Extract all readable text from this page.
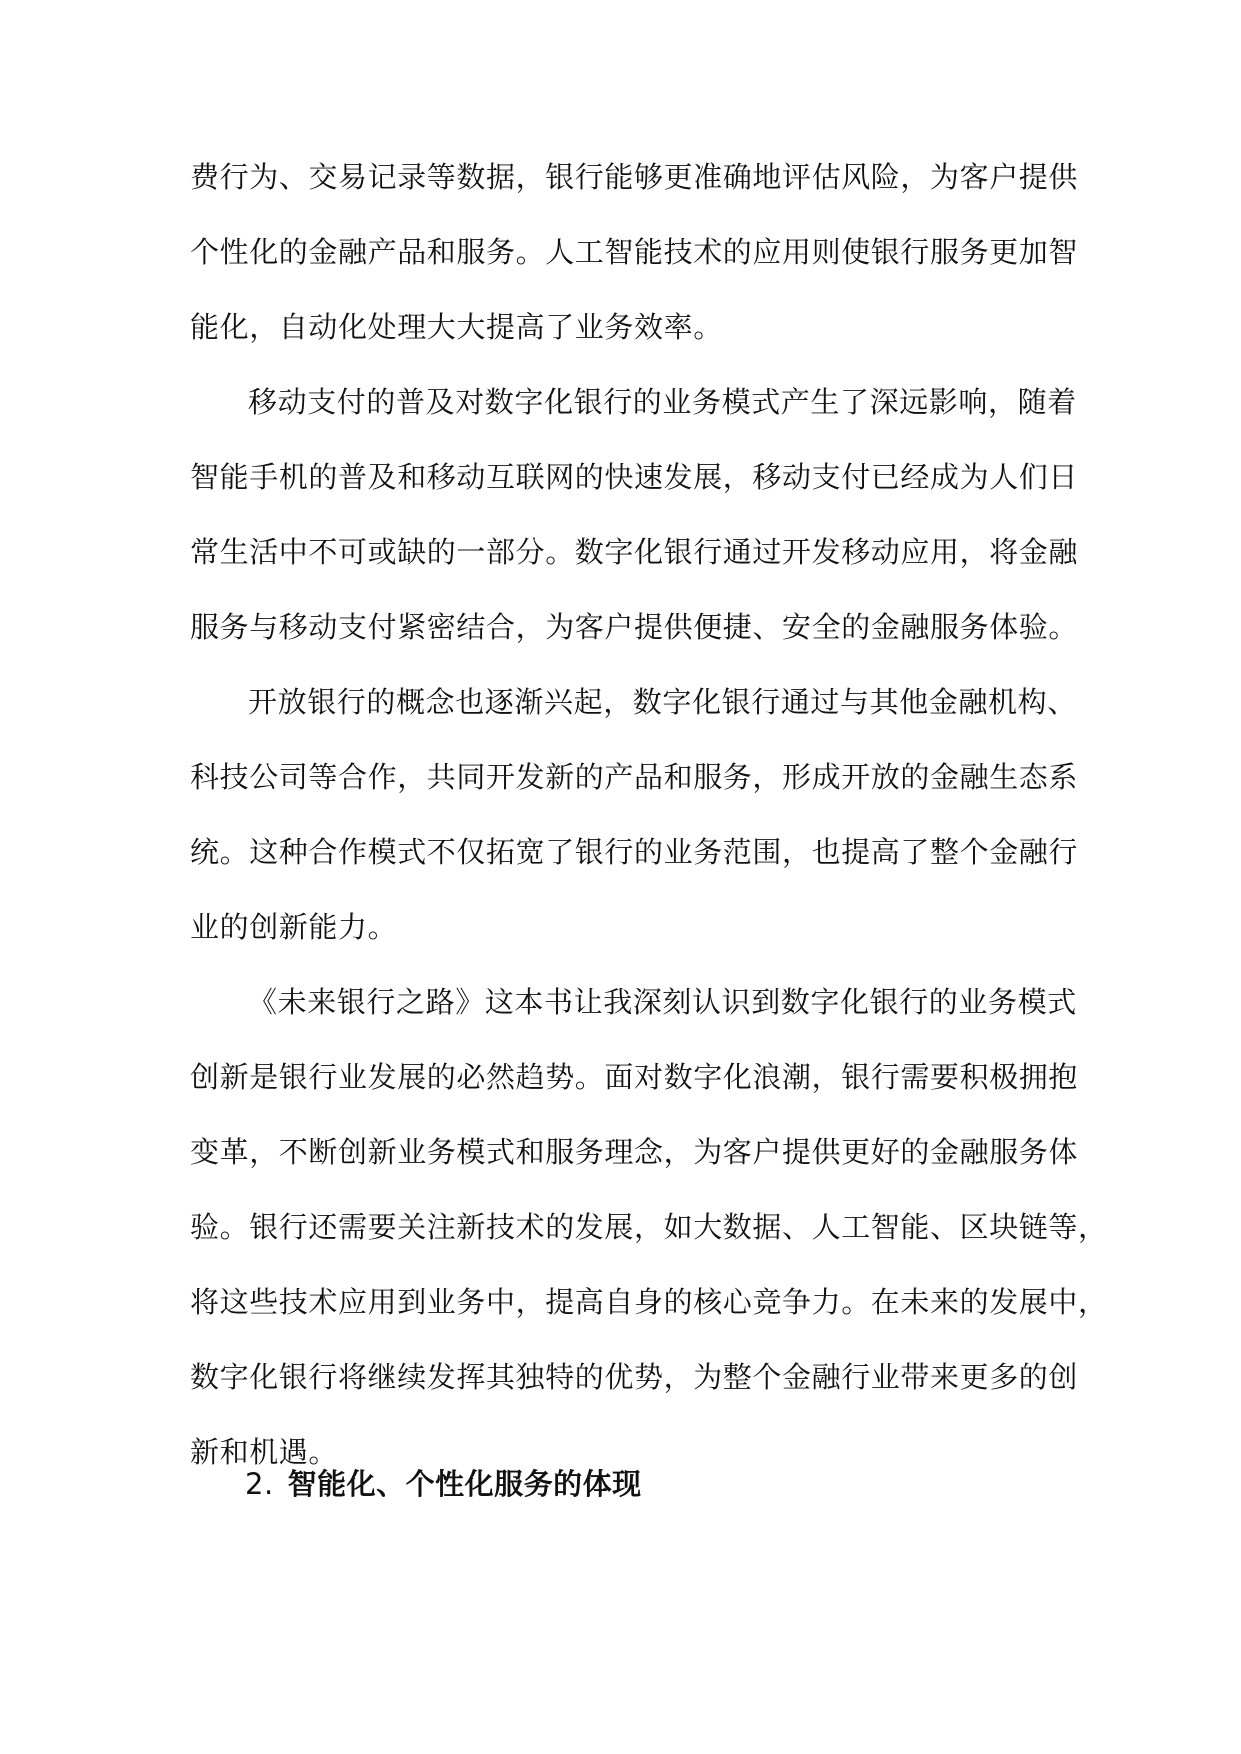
费行为、交易记录等数据，银行能够更准确地评估风险，为客户提供
个性化的金融产品和服务。人工智能技术的应用则使银行服务更加智
能化，自动化处理大大提高了业务效率。
移动支付的普及对数字化银行的业务模式产生了深远影响，随着
智能手机的普及和移动互联网的快速发展，移动支付已经成为人们日
常生活中不可或缺的一部分。数字化银行通过开发移动应用，将金融
服务与移动支付紧密结合，为客户提供便捷、安全的金融服务体验。
开放银行的概念也逐渐兴起，数字化银行通过与其他金融机构、
科技公司等合作，共同开发新的产品和服务，形成开放的金融生态系
统。这种合作模式不仅拓宽了银行的业务范围，也提高了整个金融行
业的创新能力。
《未来银行之路》这本书让我深刻认识到数字化银行的业务模式
创新是银行业发展的必然趋势。面对数字化浪潮，银行需要积极拥抱
变革，不断创新业务模式和服务理念，为客户提供更好的金融服务体
验。银行还需要关注新技术的发展，如大数据、人工智能、区块链等，
将这些技术应用到业务中，提高自身的核心竞争力。在未来的发展中，
数字化银行将继续发挥其独特的优势，为整个金融行业带来更多的创
新和机遇。
2. 智能化、个性化服务的体现
